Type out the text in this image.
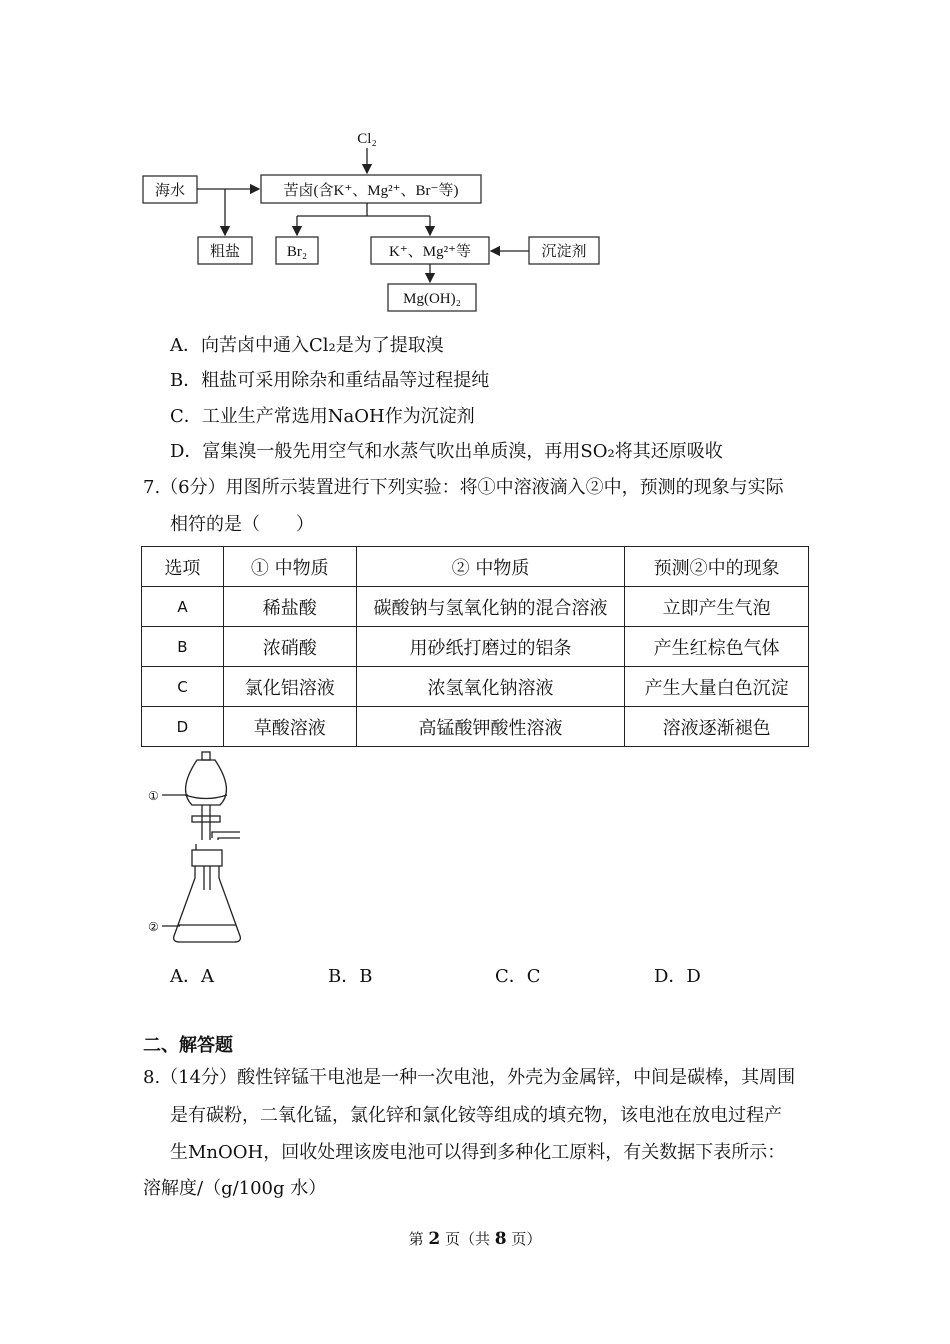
Cl₂
海水	苦卤(含K⁺、Mg²⁺、Br⁻等)
粗盐	Br₂	K⁺、Mg²⁺等	沉淀剂
Mg(OH)₂
A．向苦卤中通入Cl₂是为了提取溴
B．粗盐可采用除杂和重结晶等过程提纯
C．工业生产常选用NaOH作为沉淀剂
D．富集溴一般先用空气和水蒸气吹出单质溴，再用SO₂将其还原吸收
7.（6分）用图所示装置进行下列实验：将①中溶液滴入②中，预测的现象与实际
相符的是（　　）
选项	① 中物质	② 中物质	预测②中的现象
A	稀盐酸	碳酸钠与氢氧化钠的混合溶液	立即产生气泡
B	浓硝酸	用砂纸打磨过的铝条	产生红棕色气体
C	氯化铝溶液	浓氢氧化钠溶液	产生大量白色沉淀
D	草酸溶液	高锰酸钾酸性溶液	溶液逐渐褪色
①
②
A．A	B．B	C．C	D．D
二、解答题
8.（14分）酸性锌锰干电池是一种一次电池，外壳为金属锌，中间是碳棒，其周围
是有碳粉，二氧化锰，氯化锌和氯化铵等组成的填充物，该电池在放电过程产
生MnOOH，回收处理该废电池可以得到多种化工原料，有关数据下表所示：
溶解度/（g/100g 水）
第 2 页（共 8 页）
